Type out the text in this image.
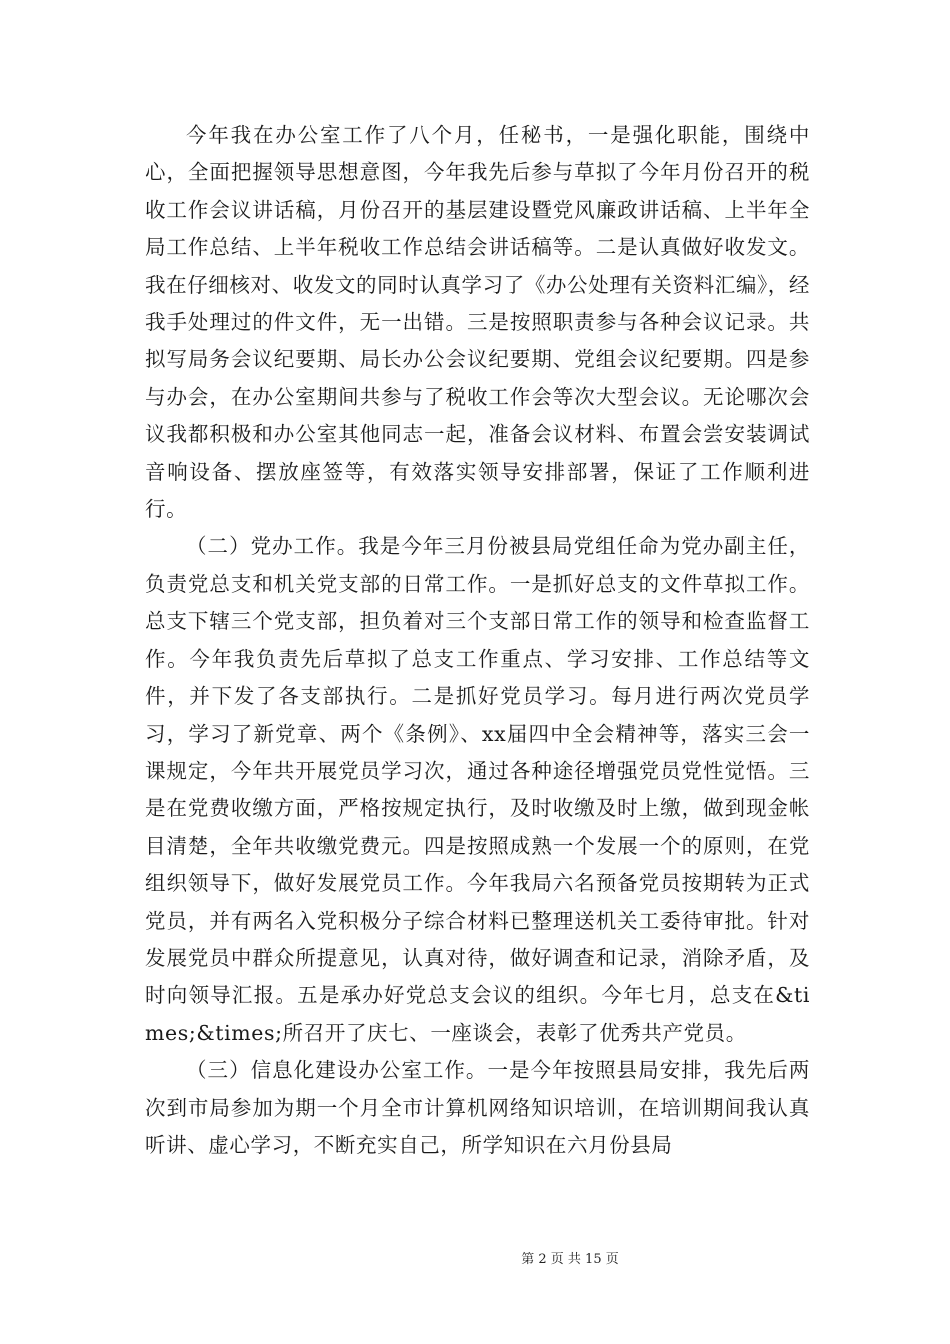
今年我在办公室工作了八个月，任秘书，一是强化职能，围绕中心，全面把握领导思想意图，今年我先后参与草拟了今年月份召开的税收工作会议讲话稿，月份召开的基层建设暨党风廉政讲话稿、上半年全局工作总结、上半年税收工作总结会讲话稿等。二是认真做好收发文。我在仔细核对、收发文的同时认真学习了《办公处理有关资料汇编》，经我手处理过的件文件，无一出错。三是按照职责参与各种会议记录。共拟写局务会议纪要期、局长办公会议纪要期、党组会议纪要期。四是参与办会，在办公室期间共参与了税收工作会等次大型会议。无论哪次会议我都积极和办公室其他同志一起，准备会议材料、布置会尝安装调试音响设备、摆放座签等，有效落实领导安排部署，保证了工作顺利进行。

（二）党办工作。我是今年三月份被县局党组任命为党办副主任，负责党总支和机关党支部的日常工作。一是抓好总支的文件草拟工作。总支下辖三个党支部，担负着对三个支部日常工作的领导和检查监督工作。今年我负责先后草拟了总支工作重点、学习安排、工作总结等文件，并下发了各支部执行。二是抓好党员学习。每月进行两次党员学习，学习了新党章、两个《条例》、xx届四中全会精神等，落实三会一课规定，今年共开展党员学习次，通过各种途径增强党员党性觉悟。三是在党费收缴方面，严格按规定执行，及时收缴及时上缴，做到现金帐目清楚，全年共收缴党费元。四是按照成熟一个发展一个的原则，在党组织领导下，做好发展党员工作。今年我局六名预备党员按期转为正式党员，并有两名入党积极分子综合材料已整理送机关工委待审批。针对发展党员中群众所提意见，认真对待，做好调查和记录，消除矛盾，及时向领导汇报。五是承办好党总支会议的组织。今年七月，总支在&times;&times;所召开了庆七、一座谈会，表彰了优秀共产党员。

（三）信息化建设办公室工作。一是今年按照县局安排，我先后两次到市局参加为期一个月全市计算机网络知识培训，在培训期间我认真听讲、虚心学习，不断充实自己，所学知识在六月份县局

第 2 页 共 15 页
